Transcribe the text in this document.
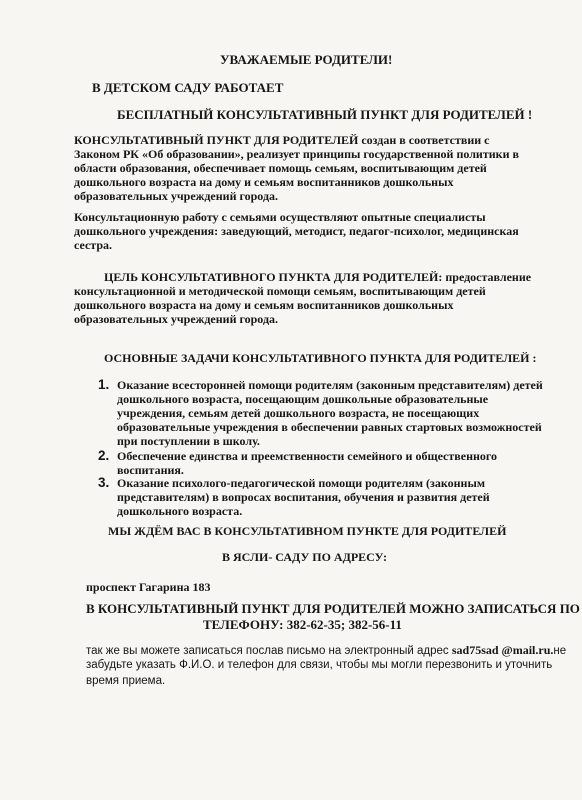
УВАЖАЕМЫЕ РОДИТЕЛИ!
В ДЕТСКОМ САДУ РАБОТАЕТ
БЕСПЛАТНЫЙ КОНСУЛЬТАТИВНЫЙ ПУНКТ ДЛЯ РОДИТЕЛЕЙ !
КОНСУЛЬТАТИВНЫЙ ПУНКТ ДЛЯ РОДИТЕЛЕЙ создан в соответствии с
Законом РК «Об образовании», реализует принципы государственной политики в
области образования, обеспечивает помощь семьям, воспитывающим детей
дошкольного возраста на дому и семьям воспитанников дошкольных
образовательных учреждений города.
Консультационную работу с семьями осуществляют опытные специалисты
дошкольного учреждения: заведующий, методист, педагог-психолог, медицинская
сестра.
ЦЕЛЬ КОНСУЛЬТАТИВНОГО ПУНКТА ДЛЯ РОДИТЕЛЕЙ: предоставление
консультационной и методической помощи семьям, воспитывающим детей
дошкольного возраста на дому и семьям воспитанников дошкольных
образовательных учреждений города.
ОСНОВНЫЕ ЗАДАЧИ КОНСУЛЬТАТИВНОГО ПУНКТА ДЛЯ РОДИТЕЛЕЙ :
1. Оказание всесторонней помощи родителям (законным представителям) детей
дошкольного возраста, посещающим дошкольные образовательные
учреждения, семьям детей дошкольного возраста, не посещающих
образовательные учреждения в обеспечении равных стартовых возможностей
при поступлении в школу.
2. Обеспечение единства и преемственности семейного и общественного
воспитания.
3. Оказание психолого-педагогической помощи родителям (законным
представителям) в вопросах воспитания, обучения и развития детей
дошкольного возраста.
МЫ ЖДЁМ ВАС В КОНСУЛЬТАТИВНОМ ПУНКТЕ ДЛЯ РОДИТЕЛЕЙ
В ЯСЛИ- САДУ ПО АДРЕСУ:
проспект Гагарина 183
В КОНСУЛЬТАТИВНЫЙ ПУНКТ ДЛЯ РОДИТЕЛЕЙ МОЖНО ЗАПИСАТЬСЯ ПО
ТЕЛЕФОНУ: 382-62-35; 382-56-11
так же вы можете записаться послав письмо на электронный адрес sad75sad @mail.ru.не
забудьте указать Ф.И.О. и телефон для связи, чтобы мы могли перезвонить и уточнить
время приема.
